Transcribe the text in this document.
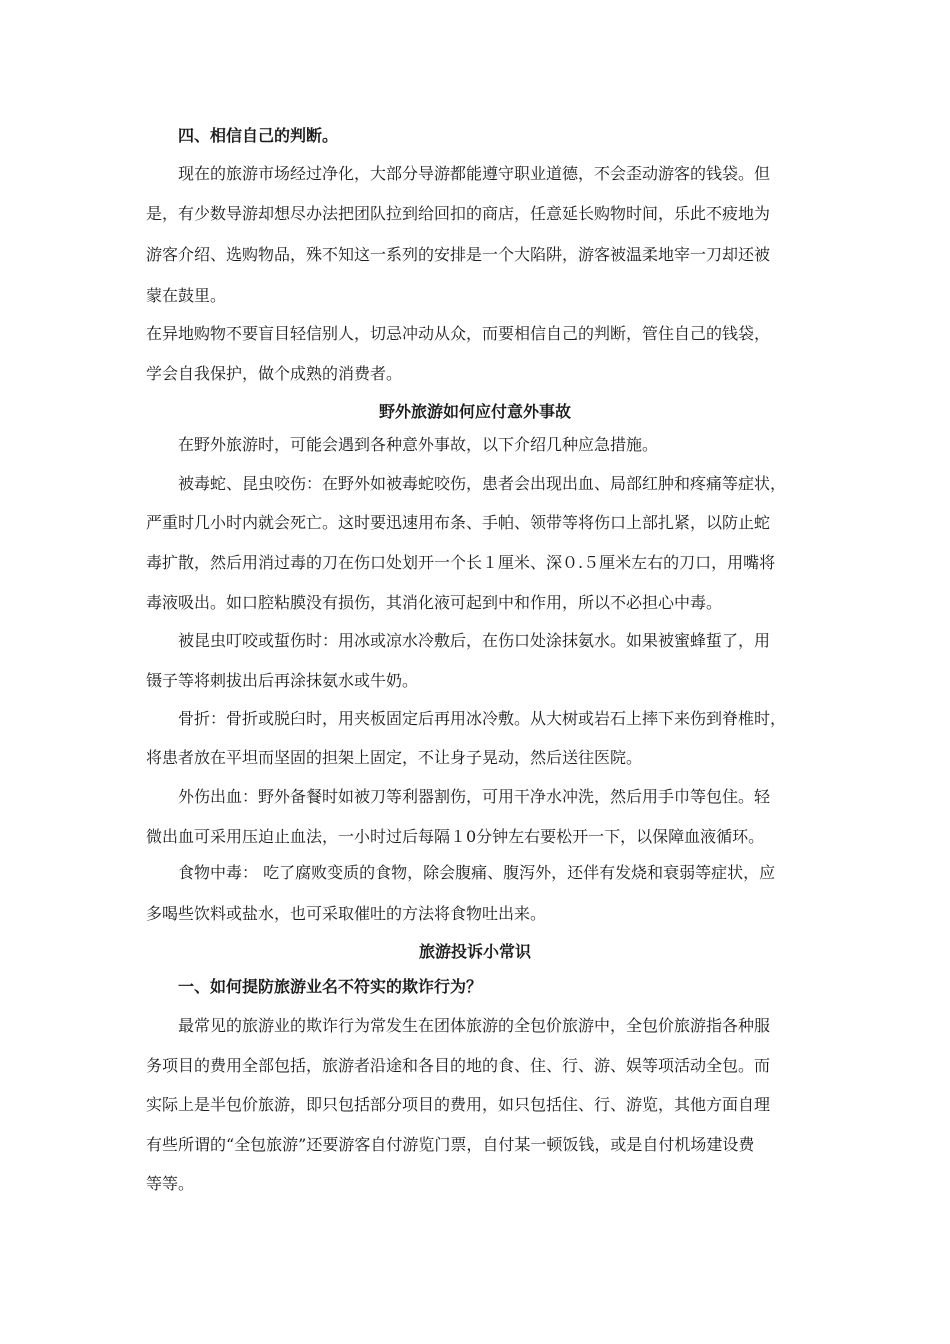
四、相信自己的判断。

现在的旅游市场经过净化，大部分导游都能遵守职业道德，不会歪动游客的钱袋。但

是，有少数导游却想尽办法把团队拉到给回扣的商店，任意延长购物时间，乐此不疲地为

游客介绍、选购物品，殊不知这一系列的安排是一个大陷阱，游客被温柔地宰一刀却还被

蒙在鼓里。

在异地购物不要盲目轻信别人，切忌冲动从众，而要相信自己的判断，管住自己的钱袋，

学会自我保护，做个成熟的消费者。

野外旅游如何应付意外事故

在野外旅游时，可能会遇到各种意外事故，以下介绍几种应急措施。

被毒蛇、昆虫咬伤：在野外如被毒蛇咬伤，患者会出现出血、局部红肿和疼痛等症状，

严重时几小时内就会死亡。这时要迅速用布条、手帕、领带等将伤口上部扎紧，以防止蛇

毒扩散，然后用消过毒的刀在伤口处划开一个长１厘米、深０.５厘米左右的刀口，用嘴将

毒液吸出。如口腔粘膜没有损伤，其消化液可起到中和作用，所以不必担心中毒。

被昆虫叮咬或蜇伤时：用冰或凉水冷敷后，在伤口处涂抹氨水。如果被蜜蜂蜇了，用

镊子等将刺拔出后再涂抹氨水或牛奶。

骨折：骨折或脱臼时，用夹板固定后再用冰冷敷。从大树或岩石上摔下来伤到脊椎时，

将患者放在平坦而坚固的担架上固定，不让身子晃动，然后送往医院。

外伤出血：野外备餐时如被刀等利器割伤，可用干净水冲洗，然后用手巾等包住。轻

微出血可采用压迫止血法，一小时过后每隔１0分钟左右要松开一下，以保障血液循环。

食物中毒： 吃了腐败变质的食物，除会腹痛、腹泻外，还伴有发烧和衰弱等症状，应

多喝些饮料或盐水，也可采取催吐的方法将食物吐出来。

旅游投诉小常识

一、如何提防旅游业名不符实的欺诈行为？

最常见的旅游业的欺诈行为常发生在团体旅游的全包价旅游中，全包价旅游指各种服

务项目的费用全部包括，旅游者沿途和各目的地的食、住、行、游、娱等项活动全包。而

实际上是半包价旅游，即只包括部分项目的费用，如只包括住、行、游览，其他方面自理

有些所谓的“全包旅游”还要游客自付游览门票，自付某一顿饭钱，或是自付机场建设费

等等。
